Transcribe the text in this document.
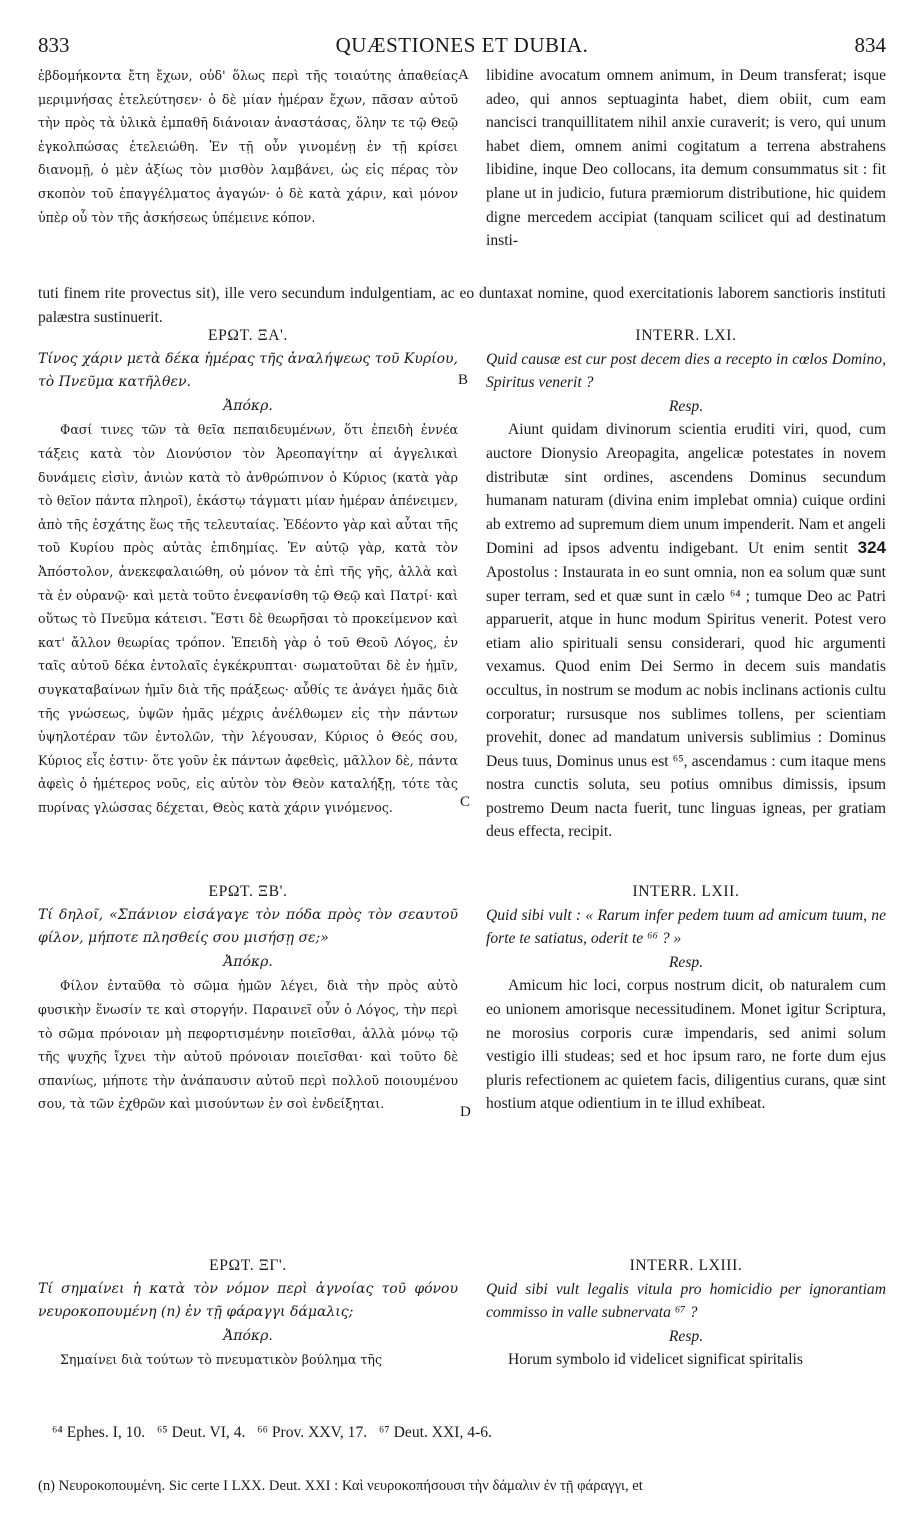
833	QUÆSTIONES ET DUBIA.	834
A
B
C
D
ἑβδομήκοντα ἔτη ἔχων, οὐδ' ὅλως περὶ τῆς τοιαύτης ἀπαθείας μεριμνήσας ἐτελεύτησεν· ὁ δὲ μίαν ἡμέραν ἔχων, πᾶσαν αὐτοῦ τὴν πρὸς τὰ ὑλικὰ ἐμπαθῆ διάνοιαν ἀναστάσας, ὅλην τε τῷ Θεῷ ἐγκολπώσας ἐτελειώθη. Ἐν τῇ οὖν γινομένῃ ἐν τῇ κρίσει διανομῇ, ὁ μὲν ἀξίως τὸν μισθὸν λαμβάνει, ὡς εἰς πέρας τὸν σκοπὸν τοῦ ἐπαγγέλματος ἀγαγών· ὁ δὲ κατὰ χάριν, καὶ μόνον ὑπὲρ οὗ τὸν τῆς ἀσκήσεως ὑπέμεινε κόπον.
libidine avocatum omnem animum, in Deum transferat; isque adeo, qui annos septuaginta habet, diem obiit, cum eam nancisci tranquillitatem nihil anxie curaverit; is vero, qui unum habet diem, omnem animi cogitatum a terrena abstrahens libidine, inque Deo collocans, ita demum consummatus sit : fit plane ut in judicio, futura præmiorum distributione, hic quidem digne mercedem accipiat (tanquam scilicet qui ad destinatum insti-
tuti finem rite provectus sit), ille vero secundum indulgentiam, ac eo duntaxat nomine, quod exercitationis laborem sanctioris instituti palæstra sustinuerit.
ΕΡΩΤ. ΞΑ'.
Τίνος χάριν μετὰ δέκα ἡμέρας τῆς ἀναλήψεως τοῦ Κυρίου, τὸ Πνεῦμα κατῆλθεν.
Ἀπόκρ.
Φασί τινες τῶν τὰ θεῖα πεπαιδευμένων, ὅτι ἐπειδὴ ἐννέα τάξεις κατὰ τὸν Διονύσιον τὸν Ἀρεοπαγίτην αἱ ἀγγελικαὶ δυνάμεις εἰσὶν, ἀνιὼν κατὰ τὸ ἀνθρώπινον ὁ Κύριος (κατὰ γὰρ τὸ θεῖον πάντα πληροῖ), ἑκάστῳ τάγματι μίαν ἡμέραν ἀπένειμεν, ἀπὸ τῆς ἐσχάτης ἕως τῆς τελευταίας. Ἐδέοντο γὰρ καὶ αὗται τῆς τοῦ Κυρίου πρὸς αὐτὰς ἐπιδημίας. Ἐν αὐτῷ γὰρ, κατὰ τὸν Ἀπόστολον, ἀνεκεφαλαιώθη, οὐ μόνον τὰ ἐπὶ τῆς γῆς, ἀλλὰ καὶ τὰ ἐν οὐρανῷ· καὶ μετὰ τοῦτο ἐνεφανίσθη τῷ Θεῷ καὶ Πατρί· καὶ οὕτως τὸ Πνεῦμα κάτεισι. Ἔστι δὲ θεωρῆσαι τὸ προκείμενον καὶ κατ' ἄλλον θεωρίας τρόπον. Ἐπειδὴ γὰρ ὁ τοῦ Θεοῦ Λόγος, ἐν ταῖς αὐτοῦ δέκα ἐντολαῖς ἐγκέκρυπται· σωματοῦται δὲ ἐν ἡμῖν, συγκαταβαίνων ἡμῖν διὰ τῆς πράξεως· αὖθίς τε ἀνάγει ἡμᾶς διὰ τῆς γνώσεως, ὑψῶν ἡμᾶς μέχρις ἀνέλθωμεν εἰς τὴν πάντων ὑψηλοτέραν τῶν ἐντολῶν, τὴν λέγουσαν, Κύριος ὁ Θεός σου, Κύριος εἷς ἐστιν· ὅτε γοῦν ἐκ πάντων ἀφεθεὶς, μᾶλλον δὲ, πάντα ἀφεὶς ὁ ἡμέτερος νοῦς, εἰς αὐτὸν τὸν Θεὸν καταλήξῃ, τότε τὰς πυρίνας γλώσσας δέχεται, Θεὸς κατὰ χάριν γινόμενος.
INTERR. LXI.
Quid causæ est cur post decem dies a recepto in cœlos Domino, Spiritus venerit ?
Resp.
Aiunt quidam divinorum scientia eruditi viri, quod, cum auctore Dionysio Areopagita, angelicæ potestates in novem distributæ sint ordines, ascendens Dominus secundum humanam naturam (divina enim implebat omnia) cuique ordini ab extremo ad supremum diem unum impenderit. Nam et angeli Domini ad ipsos adventu indigebant. Ut enim sentit 324 Apostolus : Instaurata in eo sunt omnia, non ea solum quæ sunt super terram, sed et quæ sunt in cælo ⁶⁴ ; tumque Deo ac Patri apparuerit, atque in hunc modum Spiritus venerit. Potest vero etiam alio spirituali sensu considerari, quod hic argumenti vexamus. Quod enim Dei Sermo in decem suis mandatis occultus, in nostrum se modum ac nobis inclinans actionis cultu corporatur; rursusque nos sublimes tollens, per scientiam provehit, donec ad mandatum universis sublimius : Dominus Deus tuus, Dominus unus est ⁶⁵, ascendamus : cum itaque mens nostra cunctis soluta, seu potius omnibus dimissis, ipsum postremo Deum nacta fuerit, tunc linguas igneas, per gratiam deus effecta, recipit.
ΕΡΩΤ. ΞΒ'.
Τί δηλοῖ, «Σπάνιον εἰσάγαγε τὸν πόδα πρὸς τὸν σεαυτοῦ φίλον, μήποτε πλησθείς σου μισήσῃ σε;»
Ἀπόκρ.
Φίλον ἐνταῦθα τὸ σῶμα ἡμῶν λέγει, διὰ τὴν πρὸς αὐτὸ φυσικὴν ἕνωσίν τε καὶ στοργήν. Παραινεῖ οὖν ὁ Λόγος, τὴν περὶ τὸ σῶμα πρόνοιαν μὴ πεφορτισμένην ποιεῖσθαι, ἀλλὰ μόνῳ τῷ τῆς ψυχῆς ἴχνει τὴν αὐτοῦ πρόνοιαν ποιεῖσθαι· καὶ τοῦτο δὲ σπανίως, μήποτε τὴν ἀνάπαυσιν αὐτοῦ περὶ πολλοῦ ποιουμένου σου, τὰ τῶν ἐχθρῶν καὶ μισούντων ἐν σοὶ ἐνδείξηται.
INTERR. LXII.
Quid sibi vult : « Rarum infer pedem tuum ad amicum tuum, ne forte te satiatus, oderit te ⁶⁶ ? »
Resp.
Amicum hic loci, corpus nostrum dicit, ob naturalem cum eo unionem amorisque necessitudinem. Monet igitur Scriptura, ne morosius corporis curæ impendaris, sed animi solum vestigio illi studeas; sed et hoc ipsum raro, ne forte dum ejus pluris refectionem ac quietem facis, diligentius curans, quæ sint hostium atque odientium in te illud exhibeat.
ΕΡΩΤ. ΞΓ'.
Τί σημαίνει ἡ κατὰ τὸν νόμον περὶ ἀγνοίας τοῦ φόνου νευροκοπουμένη (n) ἐν τῇ φάραγγι δάμαλις;
Ἀπόκρ.
Σημαίνει διὰ τούτων τὸ πνευματικὸν βούλημα τῆς
INTERR. LXIII.
Quid sibi vult legalis vitula pro homicidio per ignorantiam commisso in valle subnervata ⁶⁷ ?
Resp.
Horum symbolo id videlicet significat spiritalis
⁶⁴ Ephes. I, 10.   ⁶⁵ Deut. VI, 4.   ⁶⁶ Prov. XXV, 17.   ⁶⁷ Deut. XXI, 4-6.
(n) Νευροκοπουμένη. Sic certe I LXX. Deut. XXI : Καὶ νευροκοπήσουσι τὴν δάμαλιν ἐν τῇ φάραγγι, et
